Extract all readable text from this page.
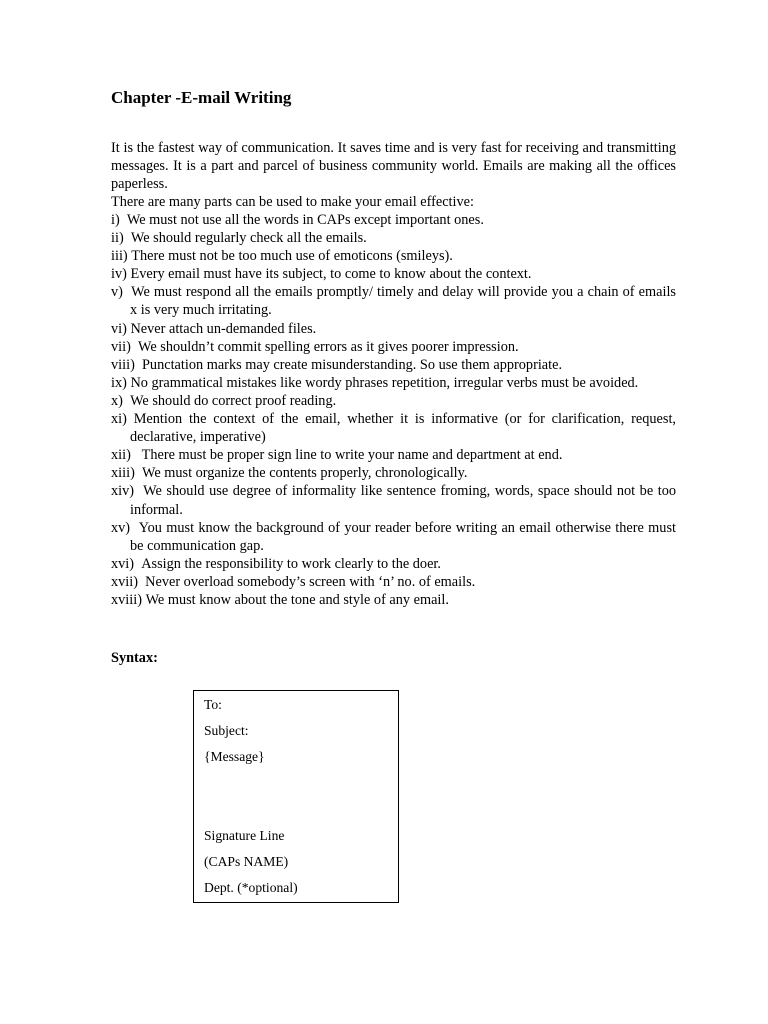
Chapter -E-mail Writing

It is the fastest way of communication. It saves time and is very fast for receiving and transmitting messages. It is a part and parcel of business community world. Emails are making all the offices paperless.

There are many parts can be used to make your email effective:

i) We must not use all the words in CAPs except important ones.
ii) We should regularly check all the emails.
iii) There must not be too much use of emoticons (smileys).
iv) Every email must have its subject, to come to know about the context.
v) We must respond all the emails promptly/ timely and delay will provide you a chain of emails x is very much irritating.
vi) Never attach un-demanded files.
vii) We shouldn’t commit spelling errors as it gives poorer impression.
viii) Punctation marks may create misunderstanding. So use them appropriate.
ix) No grammatical mistakes like wordy phrases repetition, irregular verbs must be avoided.
x) We should do correct proof reading.
xi) Mention the context of the email, whether it is informative (or for clarification, request, declarative, imperative)
xii) There must be proper sign line to write your name and department at end.
xiii) We must organize the contents properly, chronologically.
xiv) We should use degree of informality like sentence froming, words, space should not be too informal.
xv) You must know the background of your reader before writing an email otherwise there must be communication gap.
xvi) Assign the responsibility to work clearly to the doer.
xvii) Never overload somebody’s screen with ‘n’ no. of emails.
xviii) We must know about the tone and style of any email.
Syntax:
To:
Subject:
{Message}
Signature Line
(CAPs NAME)
Dept. (*optional)
